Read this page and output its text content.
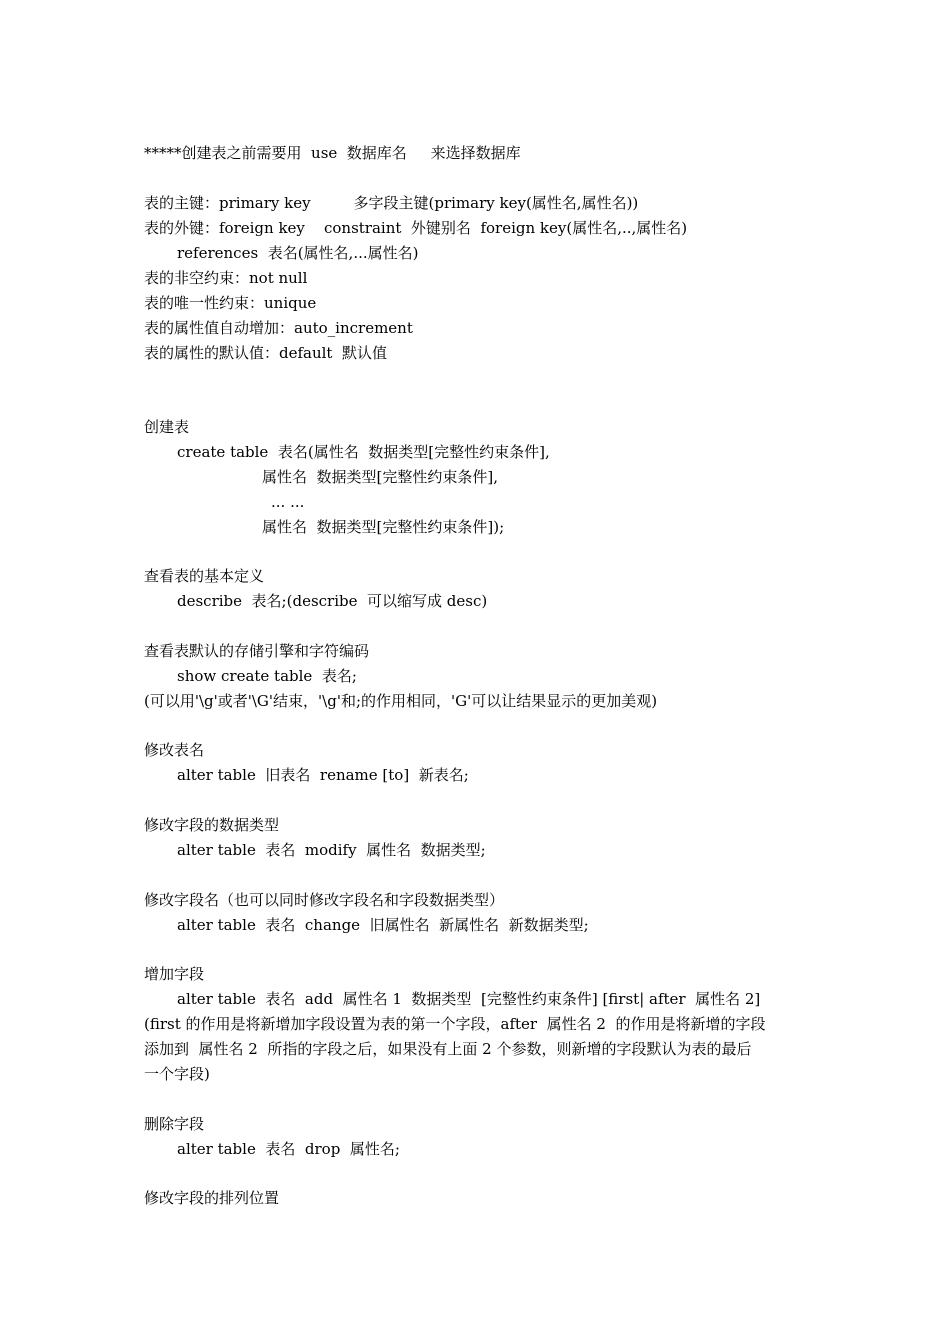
*****创建表之前需要用  use  数据库名     来选择数据库
表的主键：primary key         多字段主键(primary key(属性名,属性名))
表的外键：foreign key    constraint  外键别名  foreign key(属性名,..,属性名)
references  表名(属性名,...属性名)
表的非空约束：not null
表的唯一性约束：unique
表的属性值自动增加：auto_increment
表的属性的默认值：default  默认值
创建表
create table  表名(属性名  数据类型[完整性约束条件],
属性名  数据类型[完整性约束条件],
... ...
属性名  数据类型[完整性约束条件]);
查看表的基本定义
describe  表名;(describe  可以缩写成 desc)
查看表默认的存储引擎和字符编码
show create table  表名;
(可以用'\g'或者'\G'结束，'\g'和;的作用相同，'G'可以让结果显示的更加美观)
修改表名
alter table  旧表名  rename [to]  新表名;
修改字段的数据类型
alter table  表名  modify  属性名  数据类型;
修改字段名（也可以同时修改字段名和字段数据类型）
alter table  表名  change  旧属性名  新属性名  新数据类型;
增加字段
alter table  表名  add  属性名 1  数据类型  [完整性约束条件] [first| after  属性名 2]
(first 的作用是将新增加字段设置为表的第一个字段，after  属性名 2  的作用是将新增的字段
添加到  属性名 2  所指的字段之后，如果没有上面 2 个参数，则新增的字段默认为表的最后
一个字段)
删除字段
alter table  表名  drop  属性名;
修改字段的排列位置
